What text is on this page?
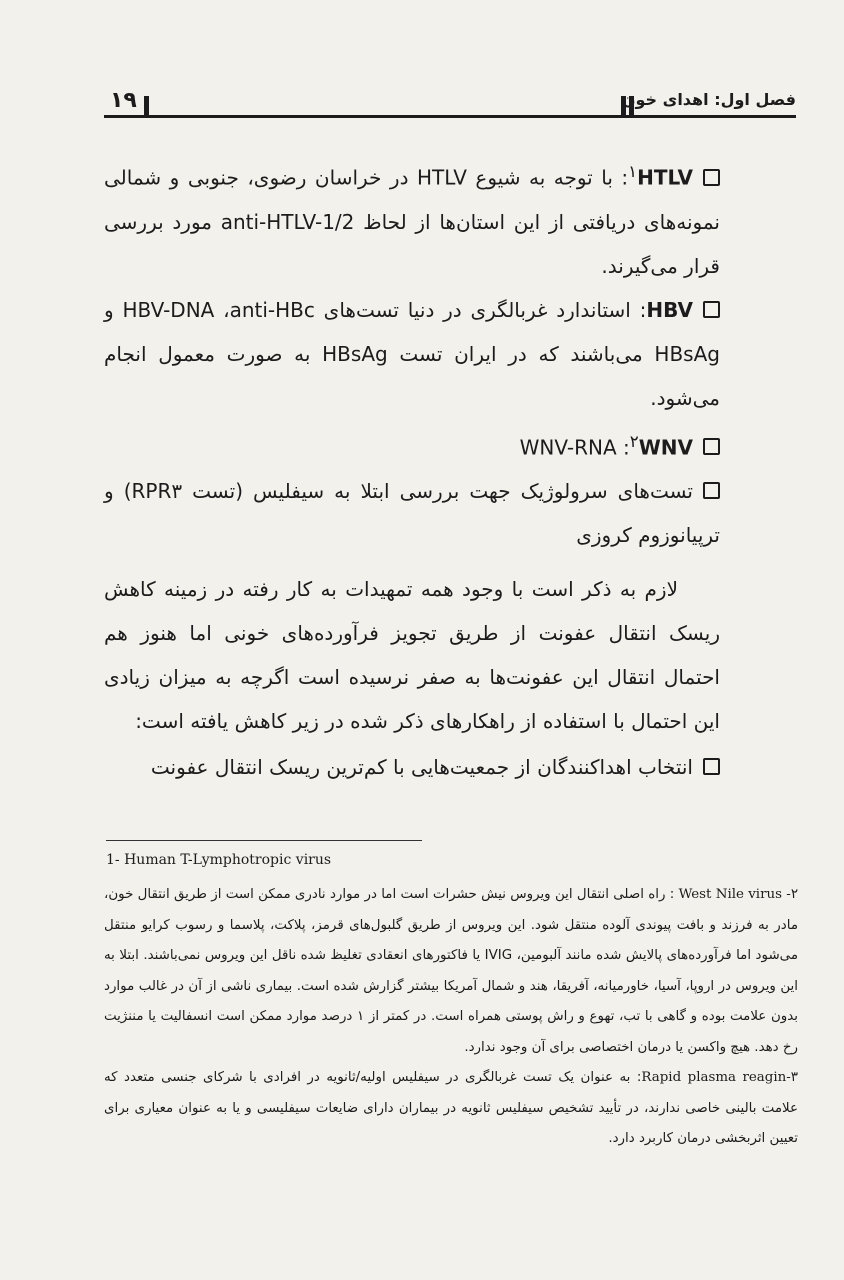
۱۹	فصل اول: اهدای خون

HTLV$^۱$: با توجه به شیوع HTLV در خراسان رضوی، جنوبی و شمالی نمونه‌های دریافتی از این استان‌ها از لحاظ anti-HTLV-1/2 مورد بررسی قرار می‌گیرند.

HBV: استاندارد غربالگری در دنیا تست‌های HBV-DNA ،anti-HBc و HBsAg می‌باشند که در ایران تست HBsAg به صورت معمول انجام می‌شود.

WNV$^۲$: WNV-RNA

تست‌های سرولوژیک جهت بررسی ابتلا به سیفلیس (تست RPR۳) و ترپیانوزوم کروزی

لازم به ذکر است با وجود همه تمهیدات به کار رفته در زمینه کاهش ریسک انتقال عفونت از طریق تجویز فرآورده‌های خونی اما هنوز هم احتمال انتقال این عفونت‌ها به صفر نرسیده است اگرچه به میزان زیادی این احتمال با استفاده از راهکارهای ذکر شده در زیر کاهش یافته است:

انتخاب اهداکنندگان از جمعیت‌هایی با کم‌ترین ریسک انتقال عفونت

1- Human T-Lymphotropic virus

۲- West Nile virus : راه اصلی انتقال این ویروس نیش حشرات است اما در موارد نادری ممکن است از طریق انتقال خون، مادر به فرزند و بافت پیوندی آلوده منتقل شود. این ویروس از طریق گلبول‌های قرمز، پلاکت، پلاسما و رسوب کرایو منتقل می‌شود اما فرآورده‌های پالایش شده مانند آلبومین، IVIG یا فاکتورهای انعقادی تغلیظ شده ناقل این ویروس نمی‌باشند. ابتلا به این ویروس در اروپا، آسیا، خاورمیانه، آفریقا، هند و شمال آمریکا بیشتر گزارش شده است. بیماری ناشی از آن در غالب موارد بدون علامت بوده و گاهی با تب، تهوع و راش پوستی همراه است. در کمتر از ۱ درصد موارد ممکن است انسفالیت یا مننژیت رخ دهد. هیچ واکسن یا درمان اختصاصی برای آن وجود ندارد.

۳-Rapid plasma reagin: به عنوان یک تست غربالگری در سیفلیس اولیه/ثانویه در افرادی با شرکای جنسی متعدد که علامت بالینی خاصی ندارند، در تأیید تشخیص سیفلیس ثانویه در بیماران دارای ضایعات سیفلیسی و یا به عنوان معیاری برای تعیین اثربخشی درمان کاربرد دارد.
